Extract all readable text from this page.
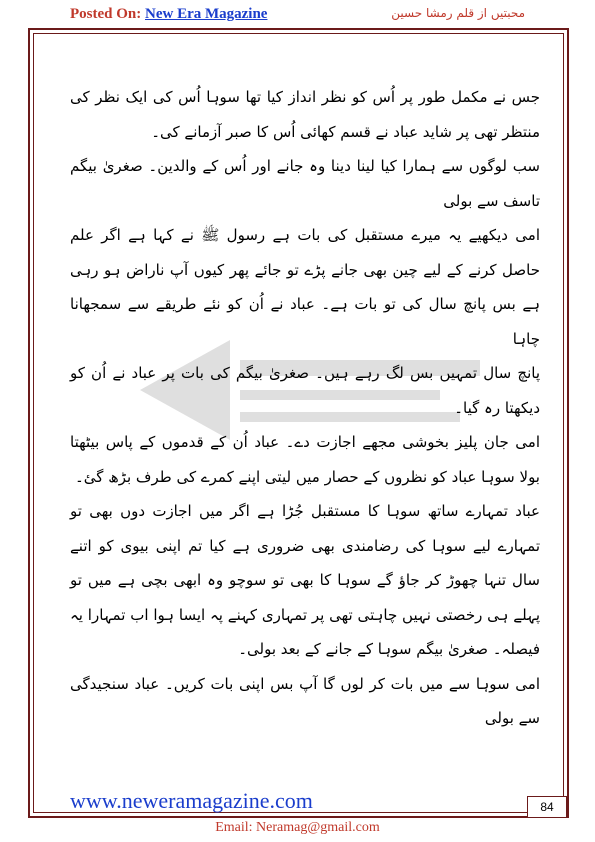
Posted On: New Era Magazine	محبتیں از قلم رمشا حسین

جس نے مکمل طور پر اُس کو نظر انداز کیا تھا سوہا اُس کی ایک نظر کی منتظر تھی پر شاید عباد نے قسم کھائی اُس کا صبر آزمانے کی۔

سب لوگوں سے ہمارا کیا لینا دینا وہ جانے اور اُس کے والدین۔ صغریٰ بیگم تاسف سے بولی

امی دیکھیے یہ میرے مستقبل کی بات ہے رسول ﷺ نے کہا ہے اگر علم حاصل کرنے کے لیے چین بھی جانے پڑے تو جائے پھر کیوں آپ ناراض ہو رہی ہے بس پانچ سال کی تو بات ہے۔ عباد نے اُن کو نئے طریقے سے سمجھانا چاہا

پانچ سال تمہیں بس لگ رہے ہیں۔ صغریٰ بیگم کی بات پر عباد نے اُن کو دیکھتا رہ گیا۔

امی جان پلیز بخوشی مجھے اجازت دے۔ عباد اُن کے قدموں کے پاس بیٹھتا بولا سوہا عباد کو نظروں کے حصار میں لیتی اپنے کمرے کی طرف بڑھ گئ۔

عباد تمہارے ساتھ سوہا کا مستقبل جُڑا ہے اگر میں اجازت دوں بھی تو تمہارے لیے سوہا کی رضامندی بھی ضروری ہے کیا تم اپنی بیوی کو اتنے سال تنہا چھوڑ کر جاؤ گے سوہا کا بھی تو سوچو وہ ابھی بچی ہے میں تو پہلے ہی رخصتی نہیں چاہتی تھی پر تمہاری کہنے پہ ایسا ہوا اب تمہارا یہ فیصلہ۔ صغریٰ بیگم سوہا کے جانے کے بعد بولی۔

امی سوہا سے میں بات کر لوں گا آپ بس اپنی بات کریں۔ عباد سنجیدگی سے بولی

www.neweramagazine.com	84
Email: Neramag@gmail.com
